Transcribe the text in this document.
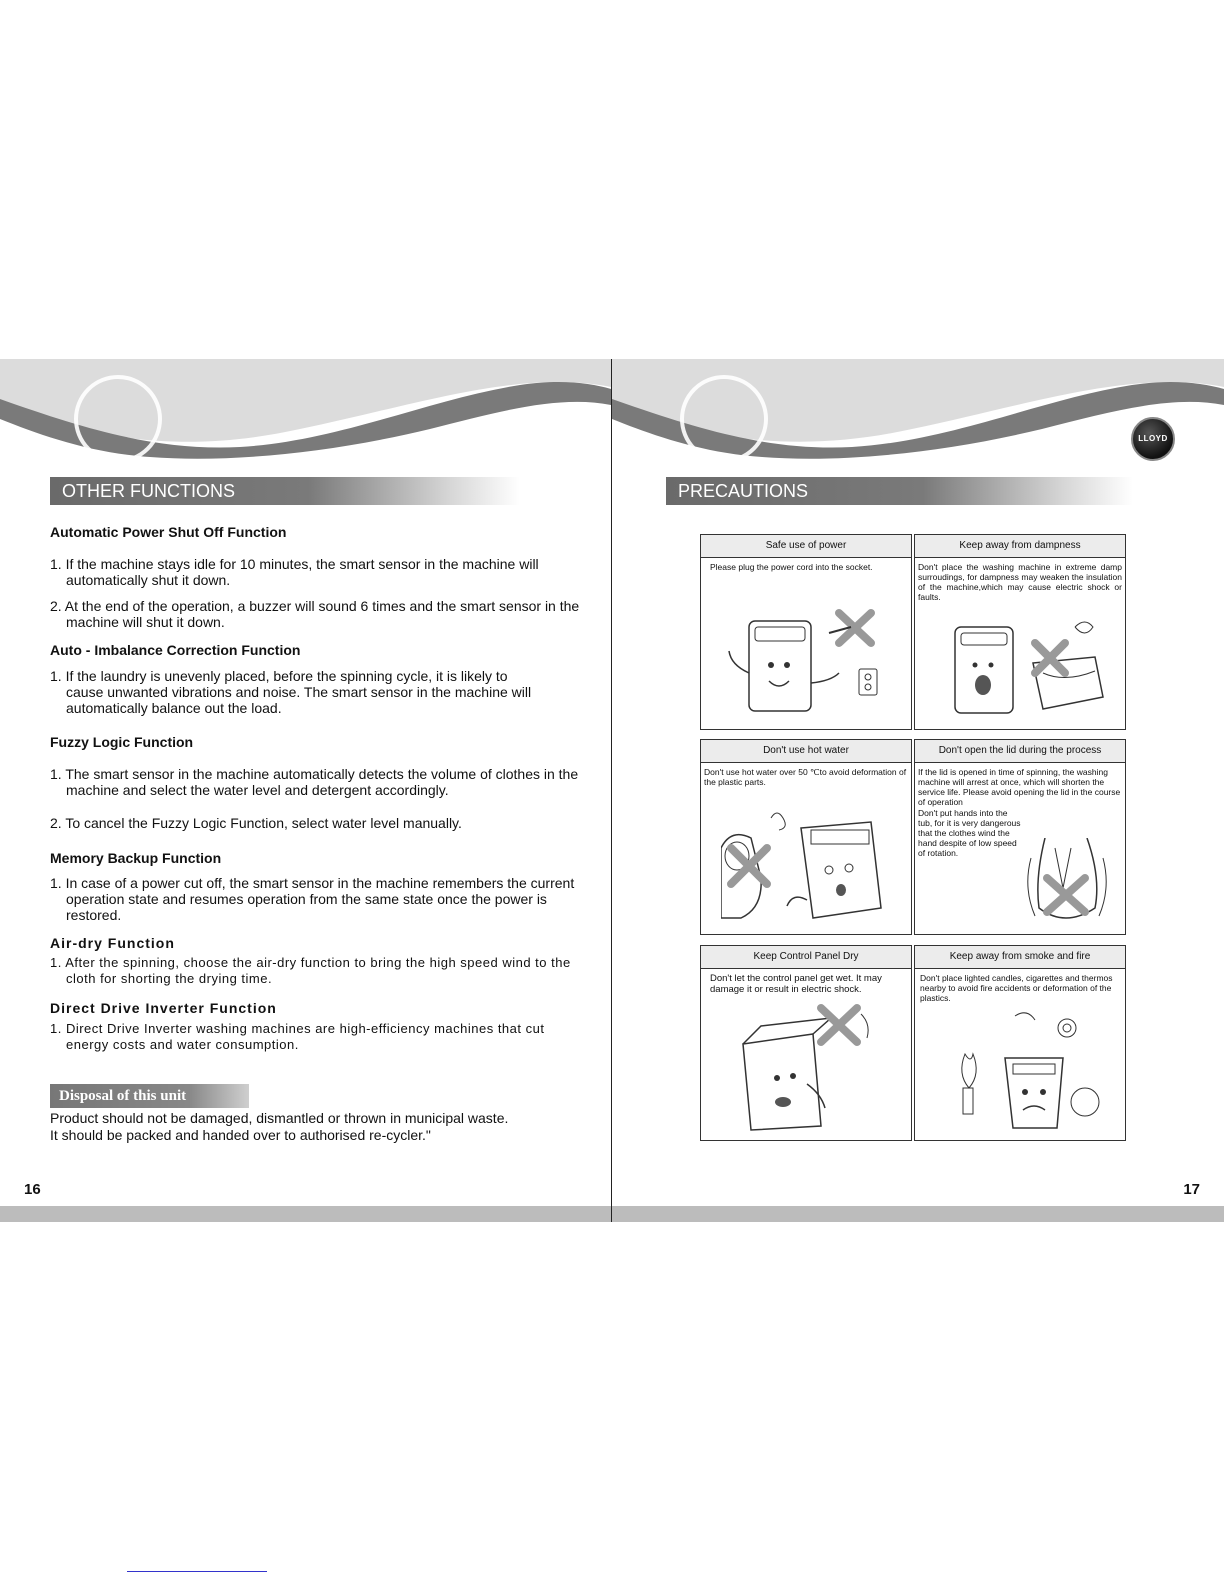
OTHER FUNCTIONS
Automatic Power Shut Off Function
1. If the machine stays idle for 10 minutes, the smart sensor in the machine will automatically shut it down.
2. At the end of the operation, a buzzer will sound 6 times and the smart sensor in the machine will shut it down.
Auto - Imbalance Correction Function
1. If the laundry is unevenly placed, before the spinning cycle, it is likely to cause unwanted vibrations and noise. The smart sensor in the machine will automatically balance out the load.
Fuzzy Logic Function
1. The smart sensor in the machine automatically detects the volume of clothes in the machine and select the water level and detergent accordingly.
2. To cancel the Fuzzy Logic Function, select water level manually.
Memory Backup Function
1. In case of a power cut off, the smart sensor in the machine remembers the current operation state and resumes operation from the same state once the power is restored.
Air-dry Function
1. After the spinning, choose the air-dry function to bring the high speed wind to the cloth for shorting the drying time.
Direct Drive Inverter Function
1. Direct Drive Inverter washing machines are high-efficiency machines that cut energy costs and water consumption.
Disposal of this unit
Product should not be damaged, dismantled or thrown in municipal waste.
It should be packed and handed over to authorised re-cycler."
16
LLOYD
PRECAUTIONS
Safe use of power
Please plug the power cord into the socket.
Keep away from dampness
Don't place the washing machine in extreme damp surroudings, for dampness may weaken the insulation of the machine,which may cause electric shock or faults.
Don't use hot water
Don't use hot water over 50 ℃to avoid deformation of the plastic parts.
Don't open the lid during the process
If the lid is opened in time of spinning, the washing machine will arrest at once, which will shorten the service life. Please avoid opening the lid in the course of operation
Don't put hands into the tub, for it is very dangerous that the clothes wind the hand despite of low speed of rotation.
Keep Control Panel Dry
Don't let the control panel get wet. It may damage it or result in electric shock.
Keep away from smoke and fire
Don't place lighted candles, cigarettes and thermos nearby to avoid fire accidents or deformation of the plastics.
17
